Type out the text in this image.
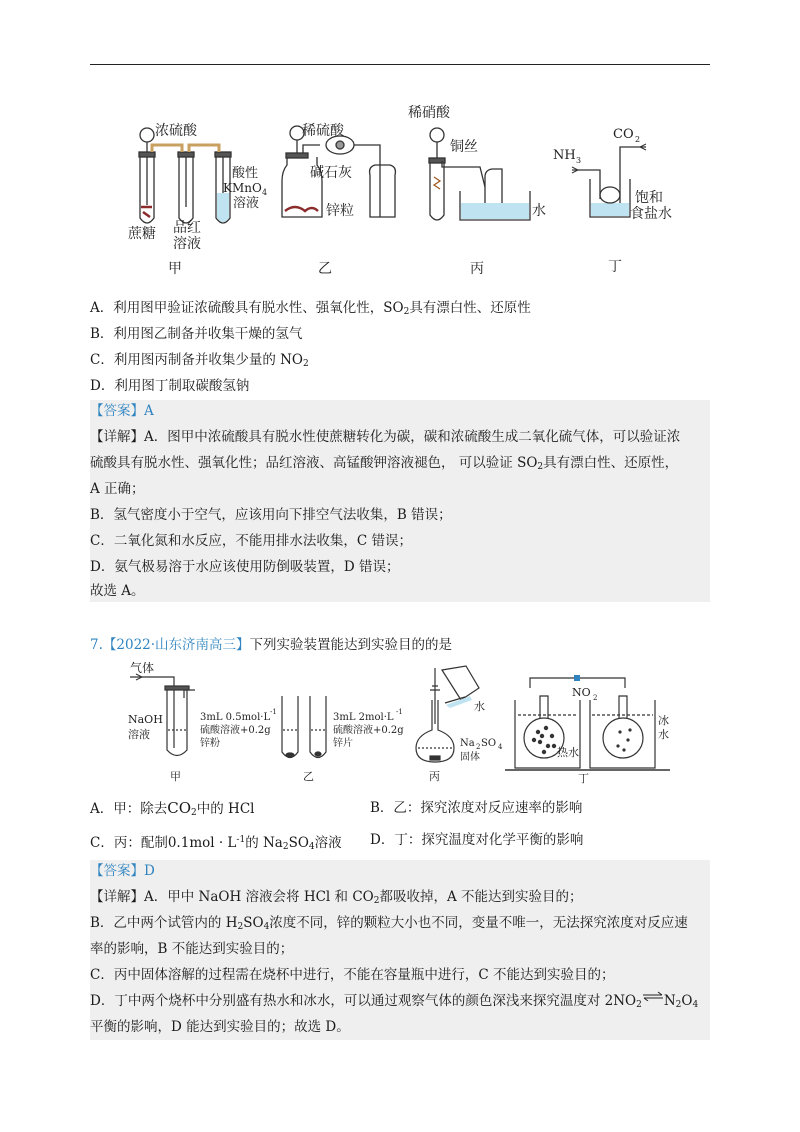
浓硫酸
酸性
KMnO 4
溶液
蔗糖 品红
溶液
甲
稀硫酸
碱石灰
锌粒
乙
稀硝酸
铜丝
水
丙
NH 3
CO 2
饱和
食盐水
丁
A．利用图甲验证浓硫酸具有脱水性、强氧化性，$SO_2$具有漂白性、还原性
B．利用图乙制备并收集干燥的氢气
C．利用图丙制备并收集少量的 $NO_2$
D．利用图丁制取碳酸氢钠
【答案】A
【详解】A．图甲中浓硫酸具有脱水性使蔗糖转化为碳，碳和浓硫酸生成二氧化硫气体，可以验证浓
硫酸具有脱水性、强氧化性；品红溶液、高锰酸钾溶液褪色， 可以验证 $SO_2$具有漂白性、还原性，
A 正确；
B．氢气密度小于空气，应该用向下排空气法收集，B 错误；
C．二氧化氮和水反应，不能用排水法收集，C 错误；
D．氨气极易溶于水应该使用防倒吸装置，D 错误；
故选 A。
7.【2022·山东济南高三】下列实验装置能达到实验目的的是
气体
NaOH
溶液
甲
3mL 0.5mol·L -1
硫酸溶液+0.2g
锌粉
3mL 2mol·L -1
硫酸溶液+0.2g
锌片
乙
水
Na 2 SO 4
固体
丙
NO 2
热水
冰
水
丁
A．甲：除去$CO_2$中的 HCl	B．乙：探究浓度对反应速率的影响
C．丙：配制$0.1mol \cdot L^{-1}$的 $Na_2SO_4$溶液 D．丁：探究温度对化学平衡的影响
【答案】D
【详解】A．甲中 NaOH 溶液会将 HCl 和 $CO_2$都吸收掉，A 不能达到实验目的；
B．乙中两个试管内的 $H_2SO_4$浓度不同，锌的颗粒大小也不同，变量不唯一，无法探究浓度对反应速
率的影响，B 不能达到实验目的；
C．丙中固体溶解的过程需在烧杯中进行，不能在容量瓶中进行，C 不能达到实验目的；
D．丁中两个烧杯中分别盛有热水和冰水，可以通过观察气体的颜色深浅来探究温度对 $2NO_2\rightleftharpoons N_2O_4$
平衡的影响，D 能达到实验目的；故选 D。
